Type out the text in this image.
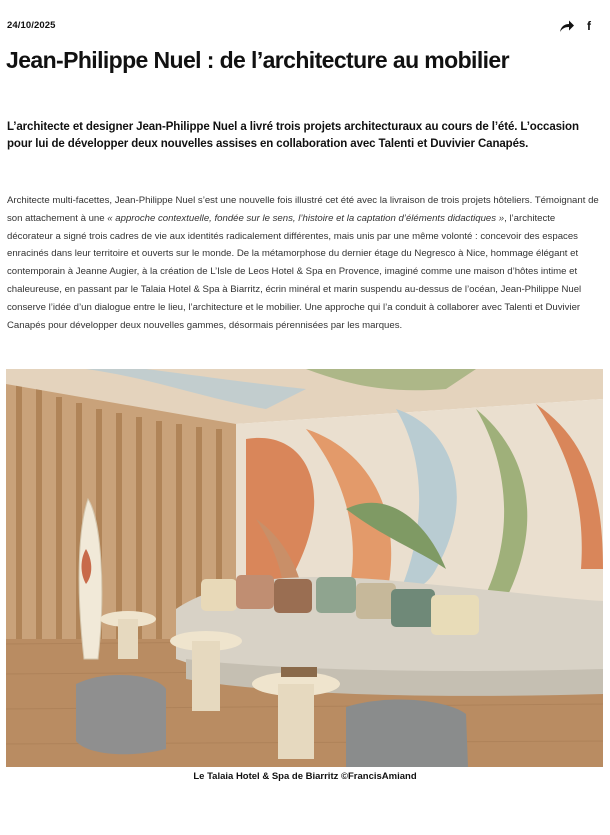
24/10/2025	f
Jean-Philippe Nuel : de l’architecture au mobilier

L’architecte et designer Jean-Philippe Nuel a livré trois projets architecturaux au cours de l’été. L’occasion pour lui de développer deux nouvelles assises en collaboration avec Talenti et Duvivier Canapés.

Architecte multi-facettes, Jean-Philippe Nuel s’est une nouvelle fois illustré cet été avec la livraison de trois projets hôteliers. Témoignant de son attachement à une « approche contextuelle, fondée sur le sens, l’histoire et la captation d’éléments didactiques », l’architecte décorateur a signé trois cadres de vie aux identités radicalement différentes, mais unis par une même volonté : concevoir des espaces enracinés dans leur territoire et ouverts sur le monde. De la métamorphose du dernier étage du Negresco à Nice, hommage élégant et contemporain à Jeanne Augier, à la création de L’Isle de Leos Hotel & Spa en Provence, imaginé comme une maison d’hôtes intime et chaleureuse, en passant par le Talaia Hotel & Spa à Biarritz, écrin minéral et marin suspendu au-dessus de l’océan, Jean-Philippe Nuel conserve l’idée d’un dialogue entre le lieu, l’architecture et le mobilier. Une approche qui l’a conduit à collaborer avec Talenti et Duvivier Canapés pour développer deux nouvelles gammes, désormais pérennisées par les marques.

Le Talaia Hotel & Spa de Biarritz ©FrancisAmiand
